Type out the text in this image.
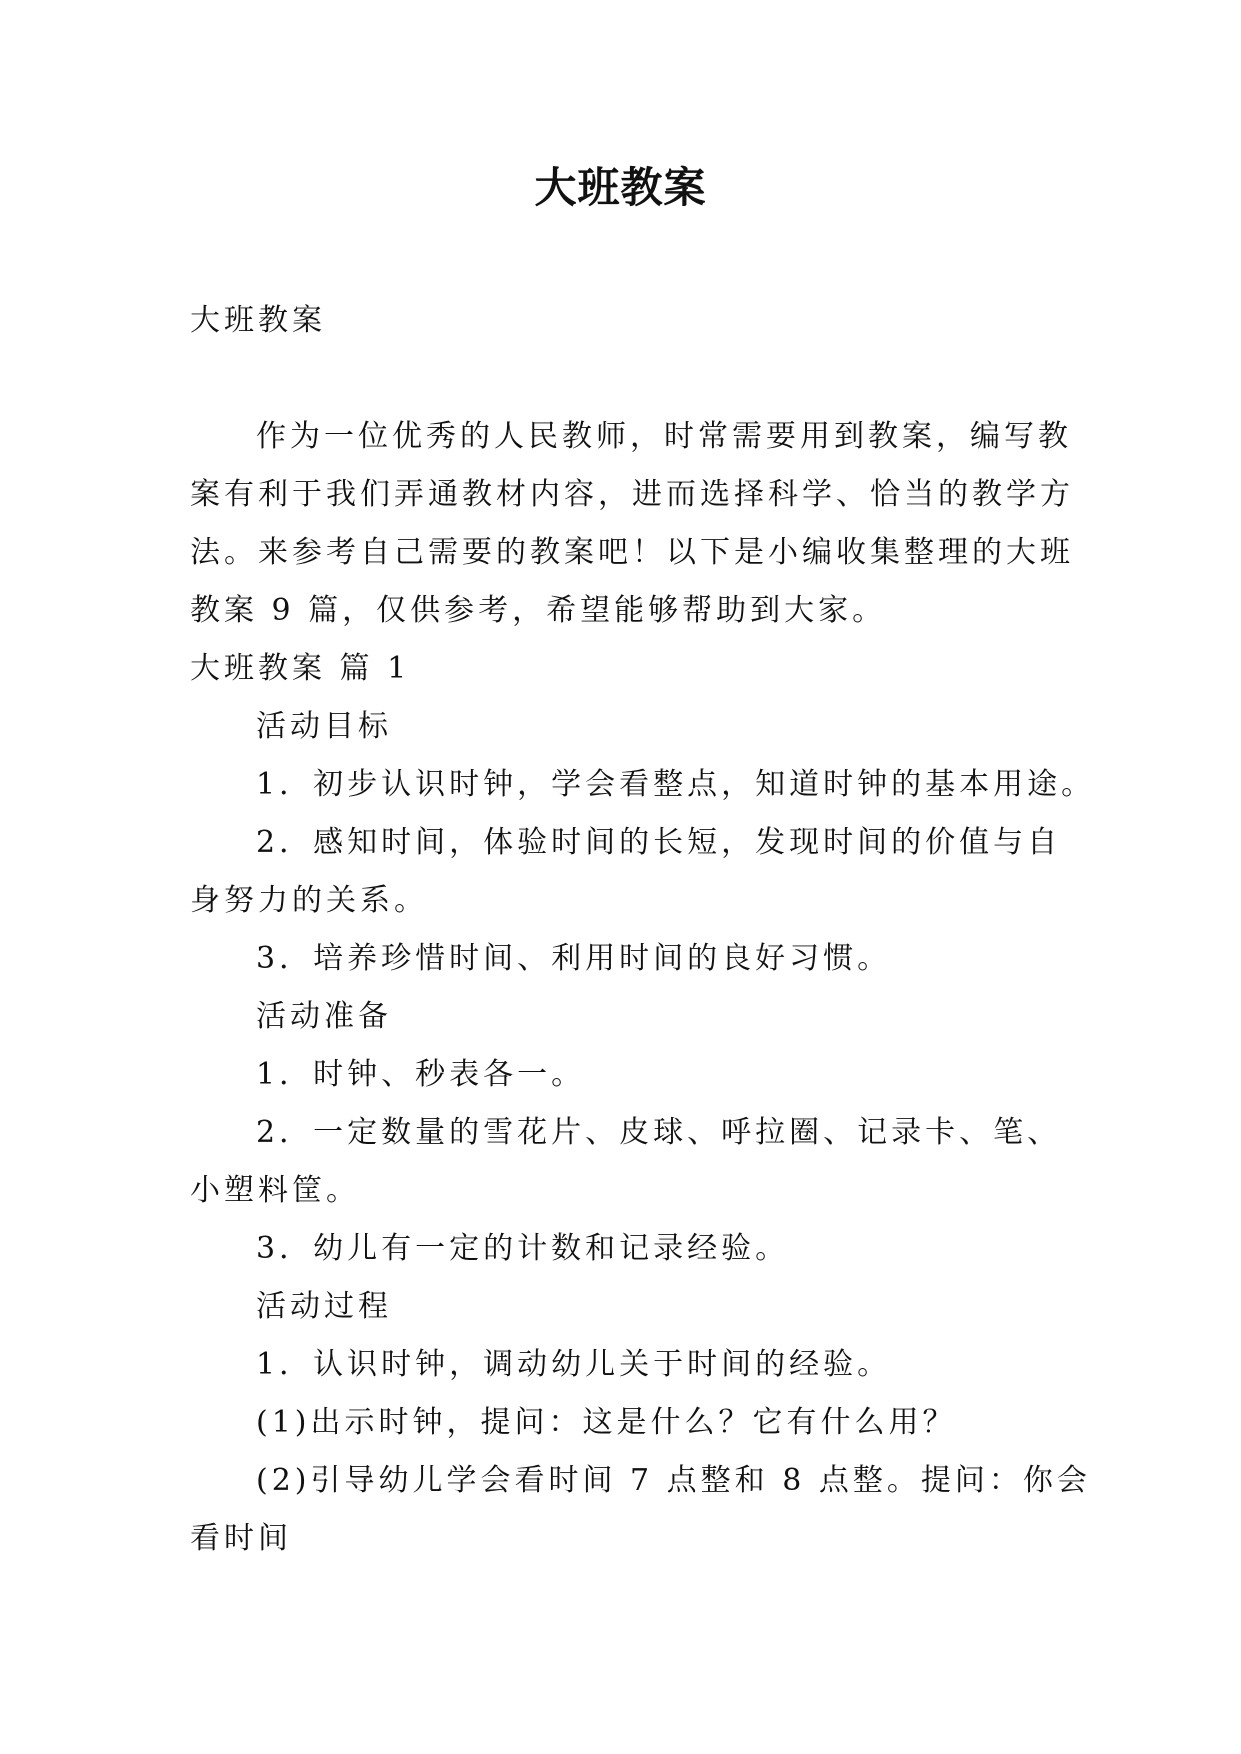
大班教案
大班教案
作为一位优秀的人民教师，时常需要用到教案，编写教
案有利于我们弄通教材内容，进而选择科学、恰当的教学方
法。来参考自己需要的教案吧！以下是小编收集整理的大班
教案 9 篇，仅供参考，希望能够帮助到大家。
大班教案 篇 1
活动目标
1．初步认识时钟，学会看整点，知道时钟的基本用途。
2．感知时间，体验时间的长短，发现时间的价值与自
身努力的关系。
3．培养珍惜时间、利用时间的良好习惯。
活动准备
1．时钟、秒表各一。
2．一定数量的雪花片、皮球、呼拉圈、记录卡、笔、
小塑料筐。
3．幼儿有一定的计数和记录经验。
活动过程
1．认识时钟，调动幼儿关于时间的经验。
(1)出示时钟，提问：这是什么？它有什么用？
(2)引导幼儿学会看时间 7 点整和 8 点整。提问：你会
看时间
